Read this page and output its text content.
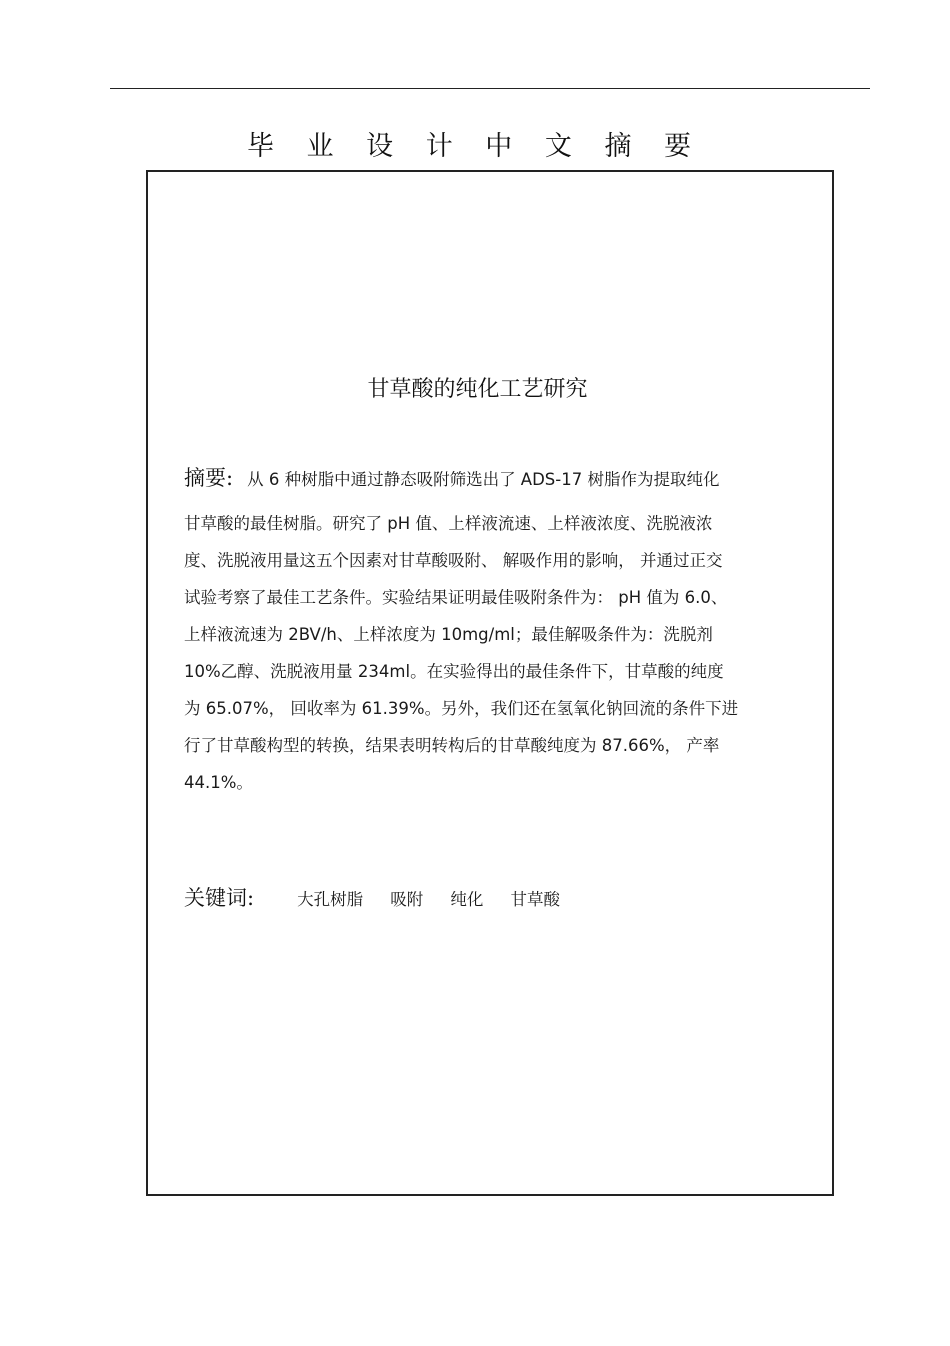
毕 业 设 计 中 文 摘 要
甘草酸的纯化工艺研究
摘要: 从 6 种树脂中通过静态吸附筛选出了 ADS-17 树脂作为提取纯化
甘草酸的最佳树脂。研究了 pH 值、上样液流速、上样液浓度、洗脱液浓
度、洗脱液用量这五个因素对甘草酸吸附、 解吸作用的影响， 并通过正交
试验考察了最佳工艺条件。实验结果证明最佳吸附条件为： pH 值为 6.0、
上样液流速为 2BV/h、上样浓度为 10mg/ml；最佳解吸条件为：洗脱剂
10%乙醇、洗脱液用量 234ml。在实验得出的最佳条件下，甘草酸的纯度
为 65.07%， 回收率为 61.39%。另外，我们还在氢氧化钠回流的条件下进
行了甘草酸构型的转换，结果表明转构后的甘草酸纯度为 87.66%， 产率
44.1%。
关键词:	大孔树脂 吸附 纯化 甘草酸
